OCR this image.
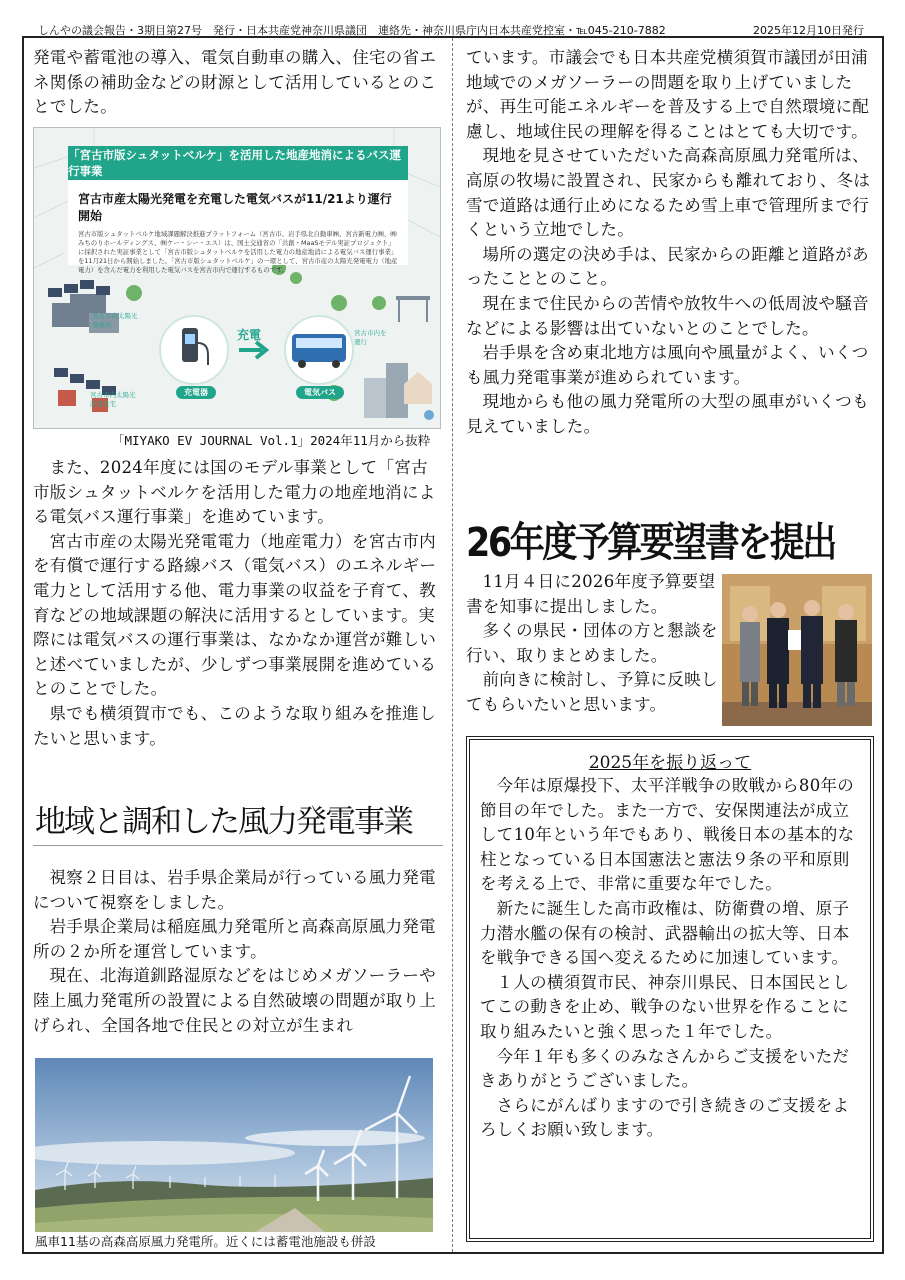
しんやの議会報告・3期目第27号　発行・日本共産党神奈川県議団　連絡先・神奈川県庁内日本共産党控室・℡045-210-7882	2025年12月10日発行
発電や蓄電池の導入、電気自動車の購入、住宅の省エネ関係の補助金などの財源として活用しているとのことでした。
「宮古市版シュタットベルケ」を活用した地産地消によるバス運行事業
宮古市産太陽光発電を充電した電気バスが11/21より運行開始
宮古市版シュタットベルケ地域課題解決推進プラットフォーム（宮古市、岩手県北自動車㈱、宮古新電力㈱、㈱みちのりホールディングス、㈱ケー・シー・エス）は、国土交通省の「共創・MaaSモデル実証プロジェクト」に採択された実証事業として「宮古市版シュタットベルケを活用した電力の地産地消による電気バス運行事業」を11月21日から開始しました。「宮古市版シュタットベルケ」の一環として、宮古市産の太陽光発電電力（地産電力）を含んだ電力を利用した電気バスを宮古市内で運行するものです。
宮古市内太陽光発電所
宮古市内太陽光設置住宅
充電器
充電
電気バス
宮古市内を運行
「MIYAKO EV JOURNAL Vol.1」2024年11月から抜粋

また、2024年度には国のモデル事業として「宮古市版シュタットベルケを活用した電力の地産地消による電気バス運行事業」を進めています。

宮古市産の太陽光発電電力（地産電力）を宮古市内を有償で運行する路線バス（電気バス）のエネルギー電力として活用する他、電力事業の収益を子育て、教育などの地域課題の解決に活用するとしています。実際には電気バスの運行事業は、なかなか運営が難しいと述べていましたが、少しずつ事業展開を進めているとのことでした。

県でも横須賀市でも、このような取り組みを推進したいと思います。

地域と調和した風力発電事業

視察２日目は、岩手県企業局が行っている風力発電について視察をしました。

岩手県企業局は稲庭風力発電所と高森高原風力発電所の２か所を運営しています。

現在、北海道釧路湿原などをはじめメガソーラーや陸上風力発電所の設置による自然破壊の問題が取り上げられ、全国各地で住民との対立が生まれ

風車11基の高森高原風力発電所。近くには蓄電池施設も併設

ています。市議会でも日本共産党横須賀市議団が田浦地域でのメガソーラーの問題を取り上げていましたが、再生可能エネルギーを普及する上で自然環境に配慮し、地域住民の理解を得ることはとても大切です。

現地を見させていただいた高森高原風力発電所は、高原の牧場に設置され、民家からも離れており、冬は雪で道路は通行止めになるため雪上車で管理所まで行くという立地でした。

場所の選定の決め手は、民家からの距離と道路があったこととのこと。

現在まで住民からの苦情や放牧牛への低周波や騒音などによる影響は出ていないとのことでした。

岩手県を含め東北地方は風向や風量がよく、いくつも風力発電事業が進められています。

現地からも他の風力発電所の大型の風車がいくつも見えていました。

26年度予算要望書を提出

11月４日に2026年度予算要望書を知事に提出しました。

多くの県民・団体の方と懇談を行い、取りまとめました。

前向きに検討し、予算に反映してもらいたいと思います。

2025年を振り返って

今年は原爆投下、太平洋戦争の敗戦から80年の節目の年でした。また一方で、安保関連法が成立して10年という年でもあり、戦後日本の基本的な柱となっている日本国憲法と憲法９条の平和原則を考える上で、非常に重要な年でした。

新たに誕生した高市政権は、防衛費の増、原子力潜水艦の保有の検討、武器輸出の拡大等、日本を戦争できる国へ変えるために加速しています。

１人の横須賀市民、神奈川県民、日本国民としてこの動きを止め、戦争のない世界を作ることに取り組みたいと強く思った１年でした。

今年１年も多くのみなさんからご支援をいただきありがとうございました。

さらにがんばりますので引き続きのご支援をよろしくお願い致します。
